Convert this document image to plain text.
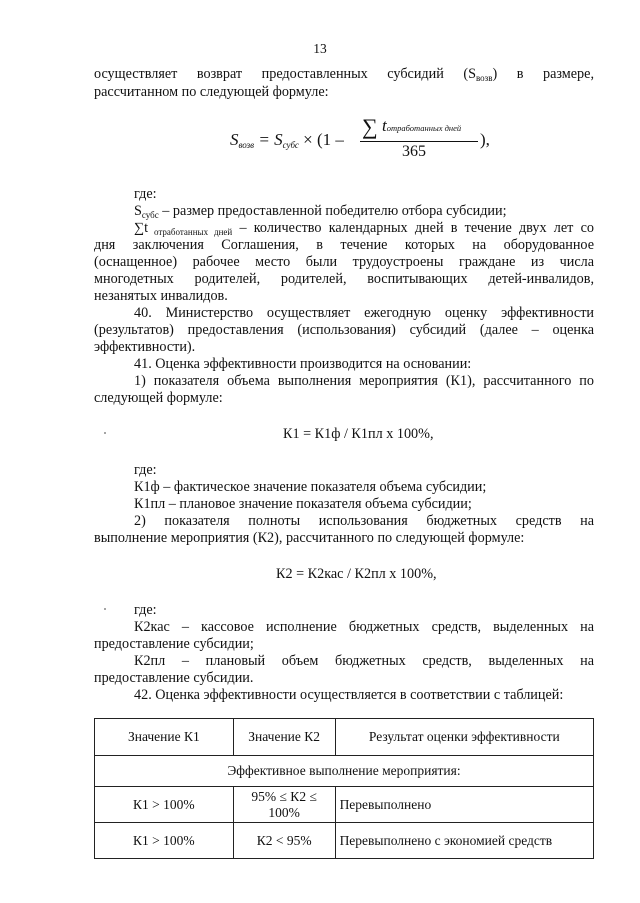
13
осуществляет возврат предоставленных субсидий $(S_{возв})$ в размере,
рассчитанном по следующей формуле:
$S_{возв} = S_{субс} \times (1$ –
∑ tотработанных дней
365
),
где:
$S_{субс}$ – размер предоставленной победителю отбора субсидии;
∑t $_{отработанных дней}$ – количество календарных дней в течение двух лет со
дня заключения Соглашения, в течение которых на оборудованное
(оснащенное) рабочее место были трудоустроены граждане из числа
многодетных родителей, родителей, воспитывающих детей-инвалидов,
незанятых инвалидов.
40. Министерство осуществляет ежегодную оценку эффективности
(результатов) предоставления (использования) субсидий (далее – оценка
эффективности).
41. Оценка эффективности производится на основании:
1) показателя объема выполнения мероприятия (К1), рассчитанного по
следующей формуле:
К1 = К1ф / К1пл х 100%,
где:
К1ф – фактическое значение показателя объема субсидии;
К1пл – плановое значение показателя объема субсидии;
2) показателя полноты использования бюджетных средств на
выполнение мероприятия (К2), рассчитанного по следующей формуле:
К2 = К2кас / К2пл х 100%,
где:
К2кас – кассовое исполнение бюджетных средств, выделенных на
предоставление субсидии;
К2пл – плановый объем бюджетных средств, выделенных на
предоставление субсидии.
42. Оценка эффективности осуществляется в соответствии с таблицей:
Значение К1	Значение К2	Результат оценки эффективности
Эффективное выполнение мероприятия:		
К1 > 100%	95% ≤ К2 ≤ 100%	Перевыполнено
К1 > 100%	К2 < 95%	Перевыполнено с экономией средств
